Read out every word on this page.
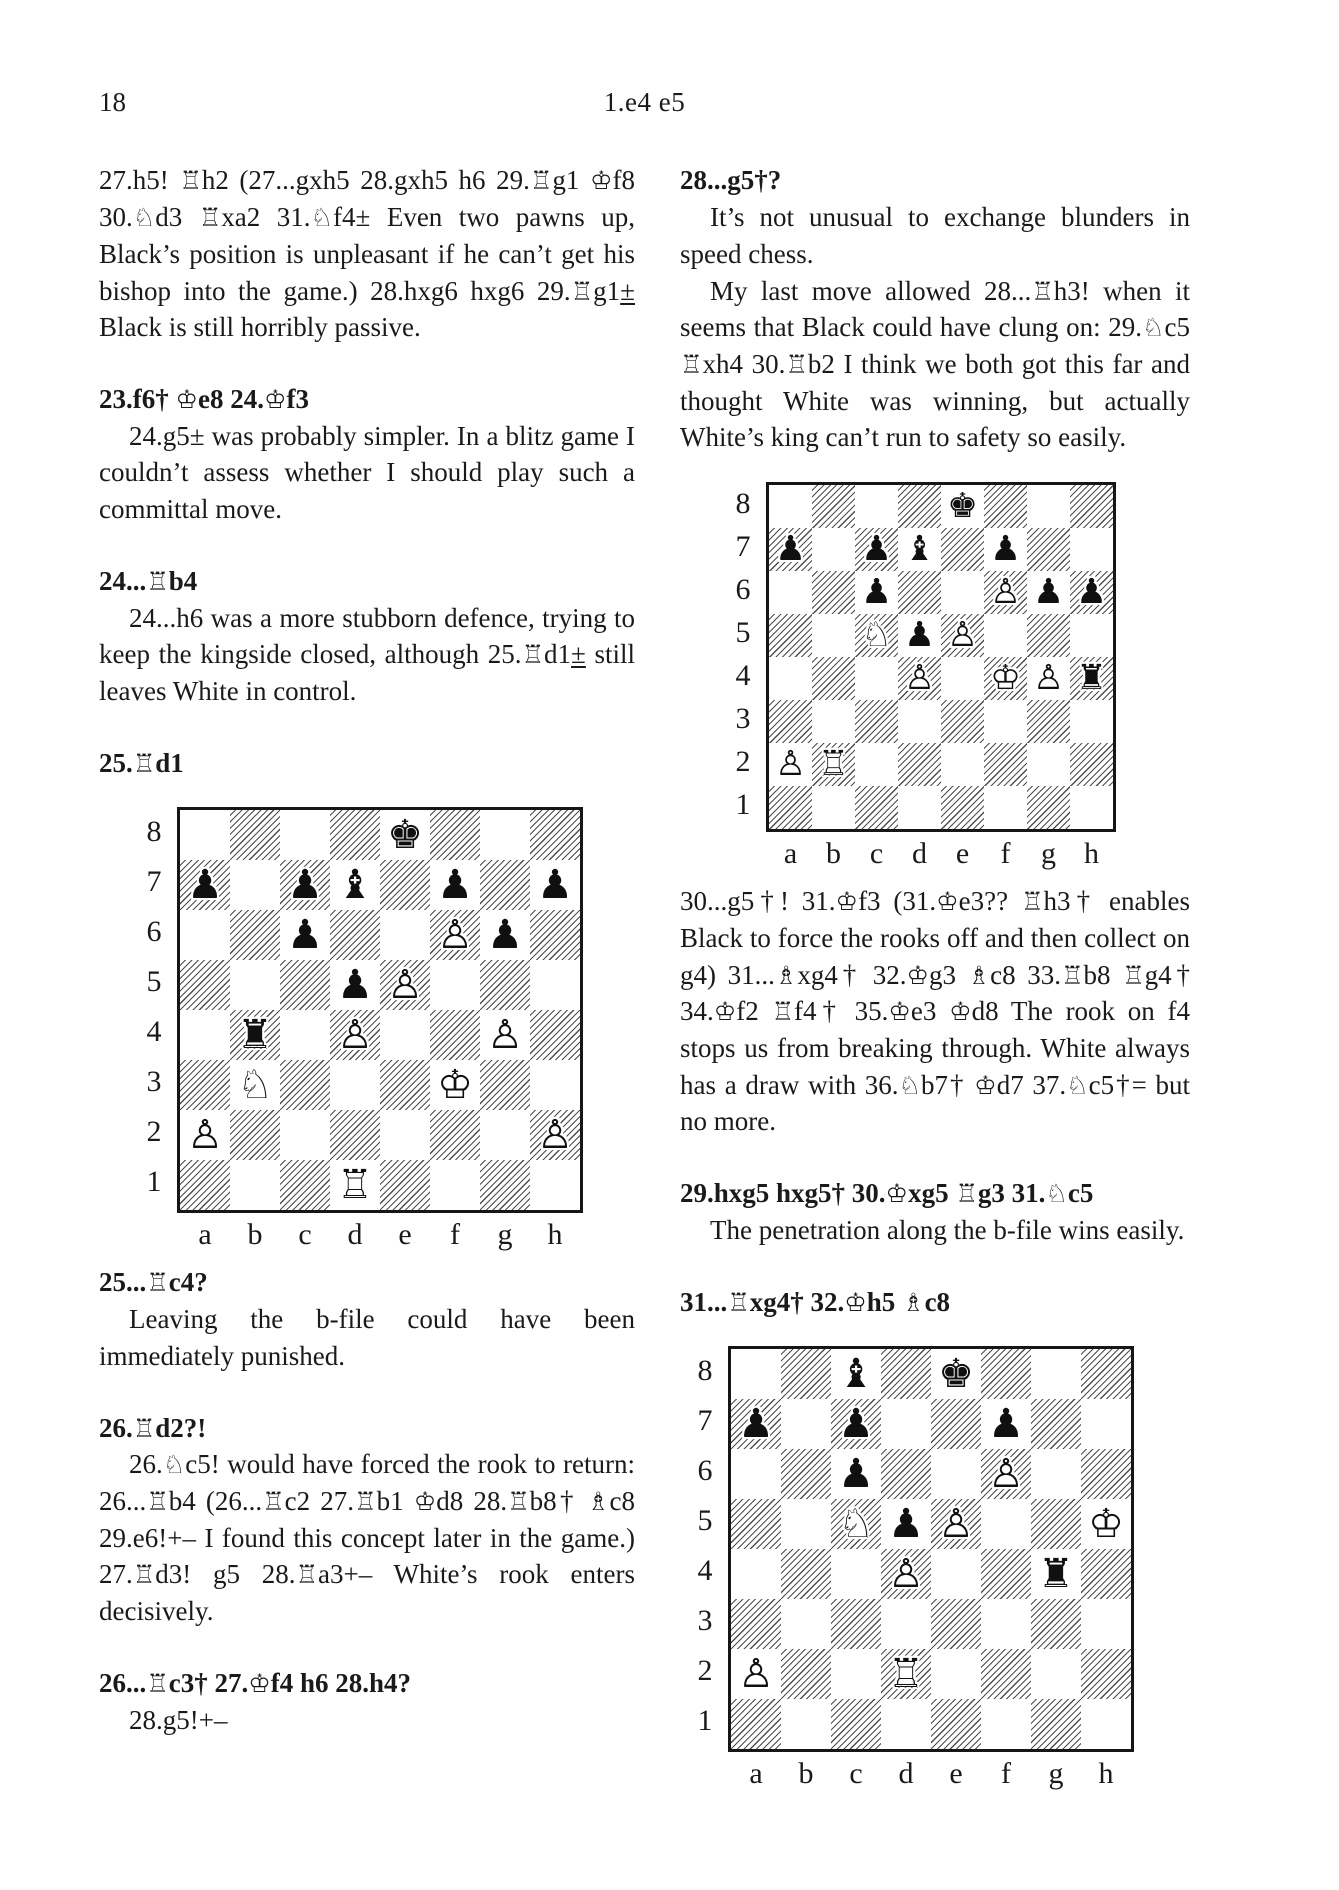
18	1.e4 e5

27.h5! ♖h2 (27...gxh5 28.gxh5 h6 29.♖g1 ♔f8 30.♘d3 ♖xa2 31.♘f4± Even two pawns up, Black’s position is unpleasant if he can’t get his bishop into the game.) 28.hxg6 hxg6 29.♖g1± Black is still horribly passive.

23.f6† ♔e8 24.♔f3

24.g5± was probably simpler. In a blitz game I couldn’t assess whether I should play such a committal move.

24...♖b4

24...h6 was a more stubborn defence, trying to keep the kingside closed, although 25.♖d1± still leaves White in control.

25.♖d1

8
7
6
5
4
3
2
1
♚ ♚
♟ ♟ ♟ ♟ ♝ ♝ ♟ ♟ ♟ ♟
♟ ♟	♟ ♙ ♟ ♟
♟ ♟ ♟ ♙
♜ ♜ ♟ ♙	♟ ♙
♞ ♘	♚ ♔
♟ ♙	♟ ♙
♜ ♖
a	b	c	d	e	f	g	h

25...♖c4?

Leaving the b-file could have been immediately punished.

26.♖d2?!

26.♘c5! would have forced the rook to return: 26...♖b4 (26...♖c2 27.♖b1 ♔d8 28.♖b8† ♗c8 29.e6!+– I found this concept later in the game.) 27.♖d3! g5 28.♖a3+– White’s rook enters decisively.

26...♖c3† 27.♔f4 h6 28.h4?

28.g5!+–

28...g5†?

It’s not unusual to exchange blunders in speed chess.

My last move allowed 28...♖h3! when it seems that Black could have clung on: 29.♘c5 ♖xh4 30.♖b2 I think we both got this far and thought White was winning, but actually White’s king can’t run to safety so easily.

8
7
6
5
4
3
2
1
♚ ♚
♟ ♟ ♟ ♟ ♝ ♝ ♟ ♟
♟ ♟	♟ ♙ ♟ ♟ ♟ ♟
♞ ♘ ♟ ♟ ♟ ♙
♟ ♙ ♚ ♔ ♟ ♙ ♜ ♜
♟ ♙ ♜ ♖
a b c d e	f	g h

30...g5†! 31.♔f3 (31.♔e3?? ♖h3† enables Black to force the rooks off and then collect on g4) 31...♗xg4† 32.♔g3 ♗c8 33.♖b8 ♖g4† 34.♔f2 ♖f4† 35.♔e3 ♔d8 The rook on f4 stops us from breaking through. White always has a draw with 36.♘b7† ♔d7 37.♘c5†= but no more.

29.hxg5 hxg5† 30.♔xg5 ♖g3 31.♘c5

The penetration along the b-file wins easily.

31...♖xg4† 32.♔h5 ♗c8

8
7
6
5
4
3
2
1
♝ ♝ ♚ ♚
♟ ♟ ♟ ♟	♟ ♟
♟ ♟	♟ ♙
♞ ♘ ♟ ♟ ♟ ♙	♚ ♔
♟ ♙	♜ ♜
♟ ♙	♜ ♖
a	b	c	d	e	f	g	h
